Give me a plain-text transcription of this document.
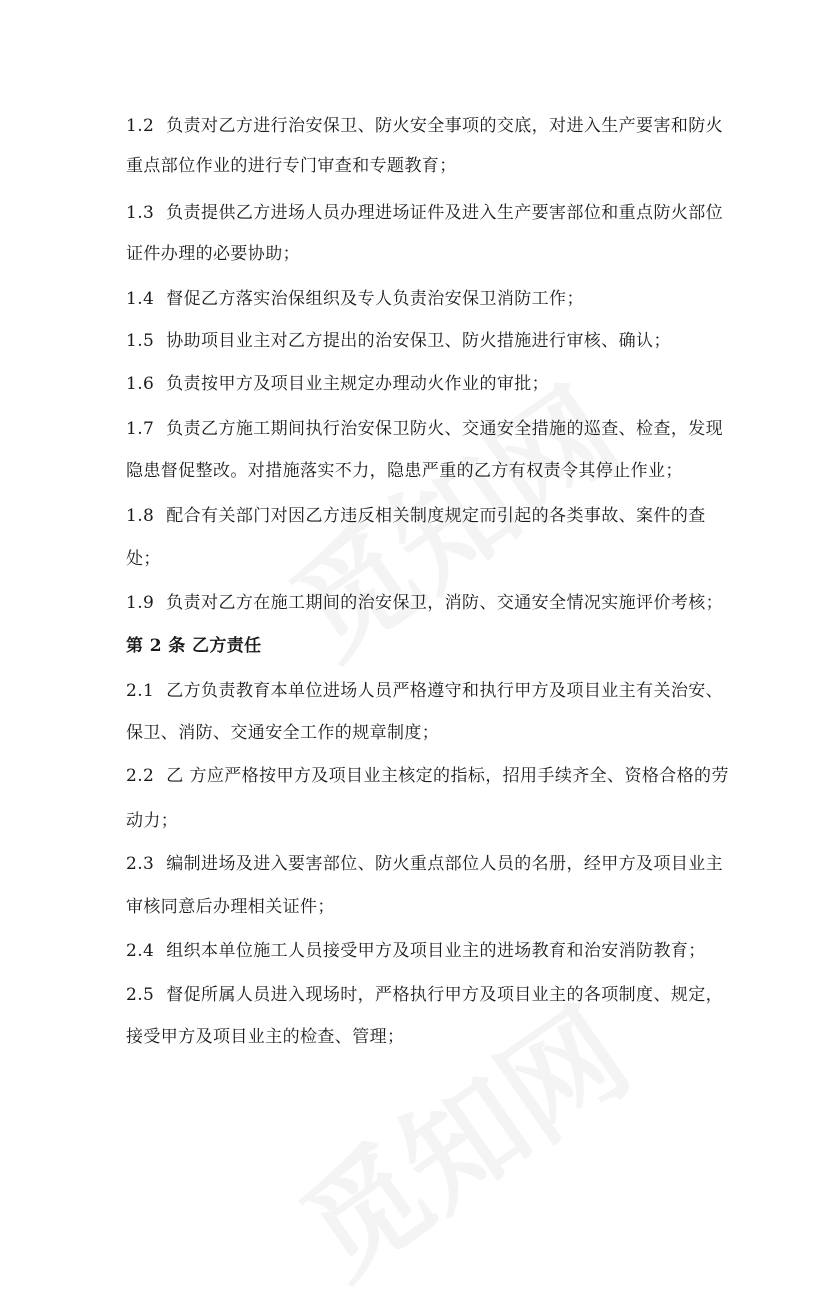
1.2 负责对乙方进行治安保卫、防火安全事项的交底，对进入生产要害和防火
重点部位作业的进行专门审查和专题教育；
1.3 负责提供乙方进场人员办理进场证件及进入生产要害部位和重点防火部位
证件办理的必要协助；
1.4 督促乙方落实治保组织及专人负责治安保卫消防工作；
1.5 协助项目业主对乙方提出的治安保卫、防火措施进行审核、确认；
1.6 负责按甲方及项目业主规定办理动火作业的审批；
1.7 负责乙方施工期间执行治安保卫防火、交通安全措施的巡查、检查，发现
隐患督促整改。对措施落实不力，隐患严重的乙方有权责令其停止作业；
1.8 配合有关部门对因乙方违反相关制度规定而引起的各类事故、案件的查
处；
1.9 负责对乙方在施工期间的治安保卫，消防、交通安全情况实施评价考核；
第 2 条 乙方责任
2.1 乙方负责教育本单位进场人员严格遵守和执行甲方及项目业主有关治安、
保卫、消防、交通安全工作的规章制度；
2.2 乙 方应严格按甲方及项目业主核定的指标，招用手续齐全、资格合格的劳
动力；
2.3 编制进场及进入要害部位、防火重点部位人员的名册，经甲方及项目业主
审核同意后办理相关证件；
2.4 组织本单位施工人员接受甲方及项目业主的进场教育和治安消防教育；
2.5 督促所属人员进入现场时，严格执行甲方及项目业主的各项制度、规定，
接受甲方及项目业主的检查、管理；
